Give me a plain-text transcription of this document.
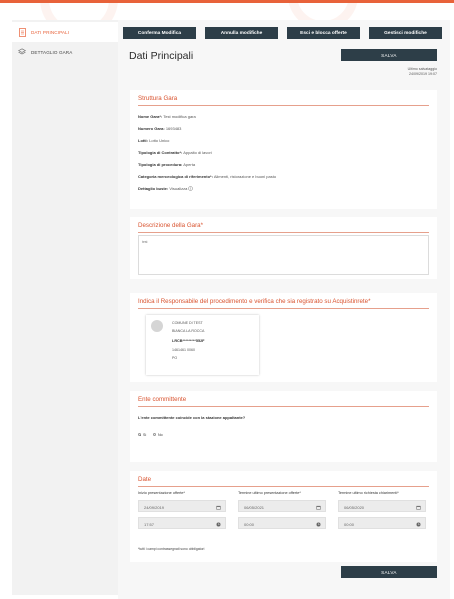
DATI PRINCIPALI
DETTAGLIO GARA
Conferma Modifica	Annulla modifiche	Esci e blocca offerte	Gestisci modifiche
Dati Principali	SALVA
Ultimo salvataggio
24/09/2019 19:07
Struttura Gara
Nome Gara*: Test modifica gara
Numero Gara: 1693483
Lotti: Lotto Unico
Tipologia di Contratto*: Appalto di lavori
Tipologia di procedura: Aperta
Categoria merceologica di riferimento*: Alimenti, ristorazione e buoni pasto
Dettaglio buste: Visualizza
Descrizione della Gara*
test
Indica il Responsabile del procedimento e verifica che sia registrato su Acquistinrete*
COMUNE DI TEST
BIANCA LA ROCCA
LRCB*********552F
1461461 0060
PO
Ente committente
L'ente committente coincide con la stazione appaltante?
Sì	No
Date
Inizio presentazione offerte*	Termine ultimo presentazione offerte*	Termine ultimo richiesta chiarimenti*
24/09/2019	06/05/2021	06/05/2020
17:57	00:00	00:00
*tutti i campi contrassegnati sono obbligatori
SALVA
